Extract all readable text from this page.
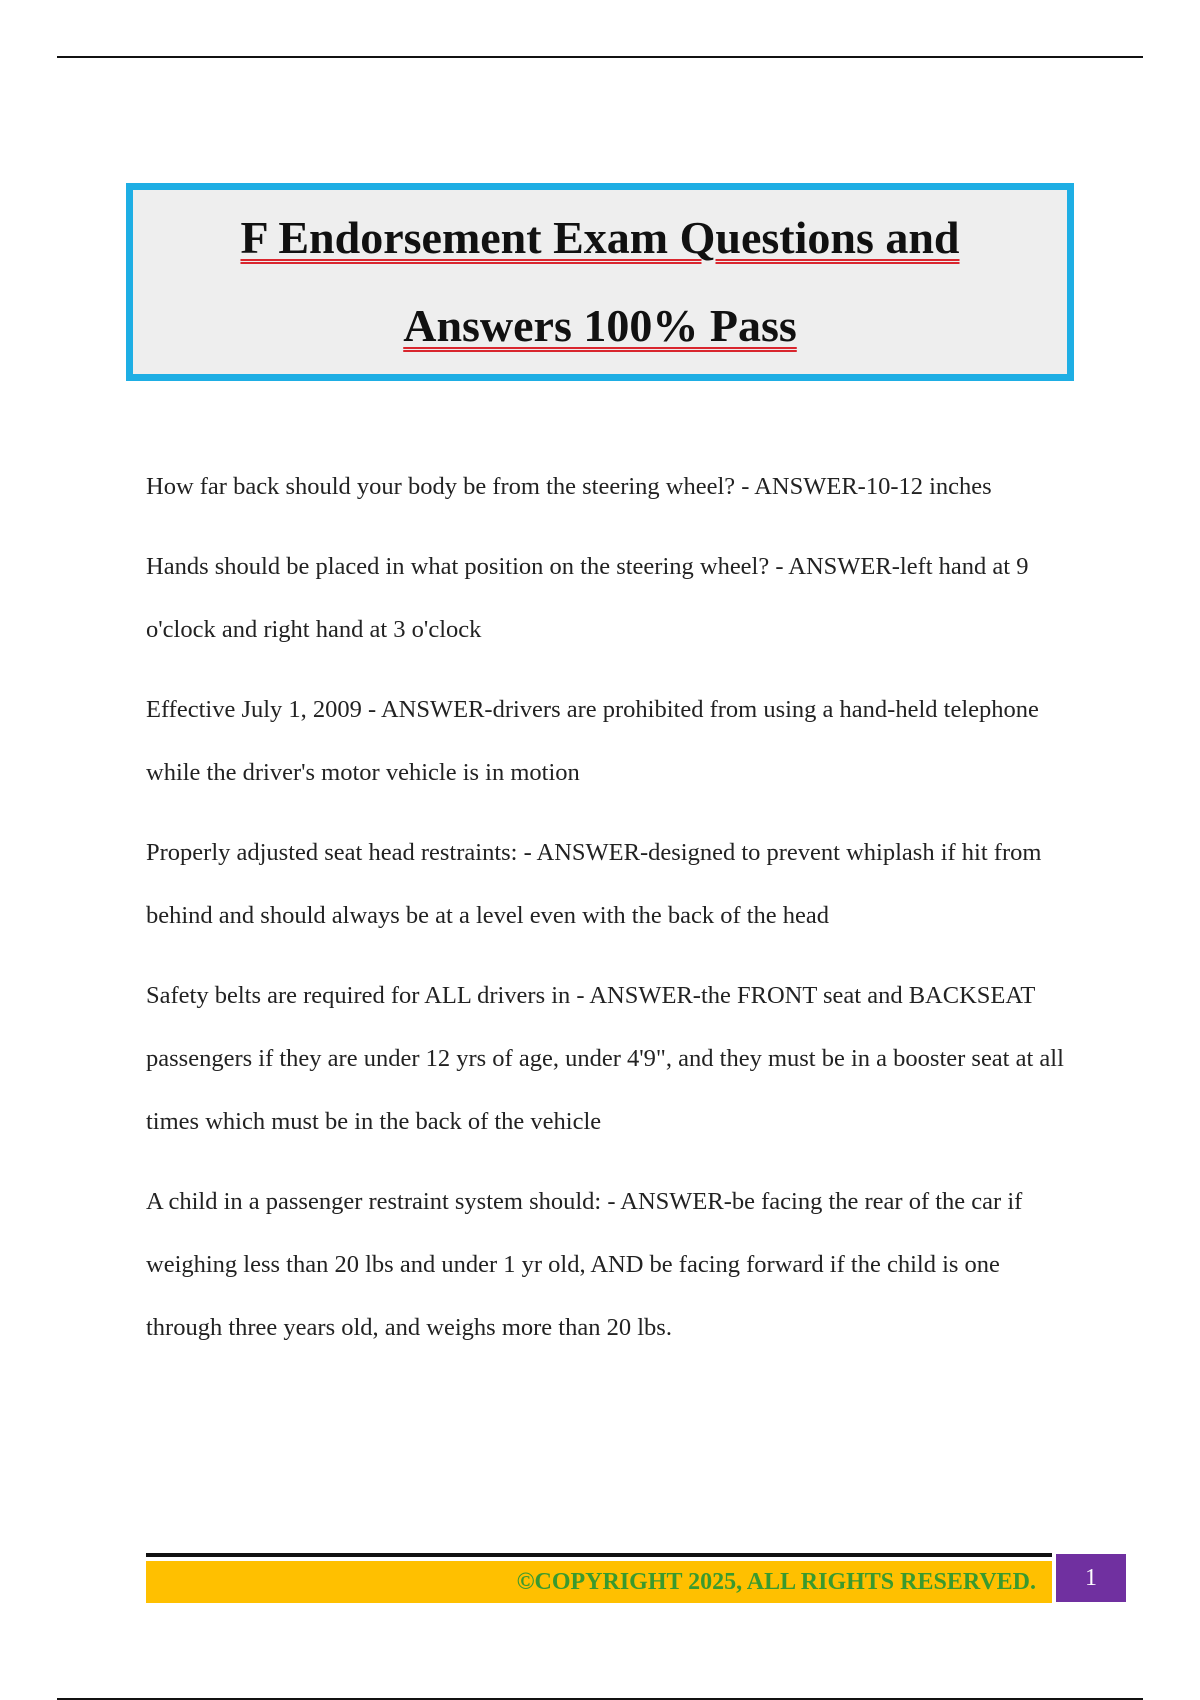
F Endorsement Exam Questions and
Answers 100% Pass

How far back should your body be from the steering wheel? - ANSWER-10-12 inches

Hands should be placed in what position on the steering wheel? - ANSWER-left hand at 9 o'clock and right hand at 3 o'clock

Effective July 1, 2009 - ANSWER-drivers are prohibited from using a hand-held telephone while the driver's motor vehicle is in motion

Properly adjusted seat head restraints: - ANSWER-designed to prevent whiplash if hit from behind and should always be at a level even with the back of the head

Safety belts are required for ALL drivers in - ANSWER-the FRONT seat and BACKSEAT passengers if they are under 12 yrs of age, under 4'9", and they must be in a booster seat at all times which must be in the back of the vehicle

A child in a passenger restraint system should: - ANSWER-be facing the rear of the car if weighing less than 20 lbs and under 1 yr old, AND be facing forward if the child is one through three years old, and weighs more than 20 lbs.

©COPYRIGHT 2025, ALL RIGHTS RESERVED. 1
